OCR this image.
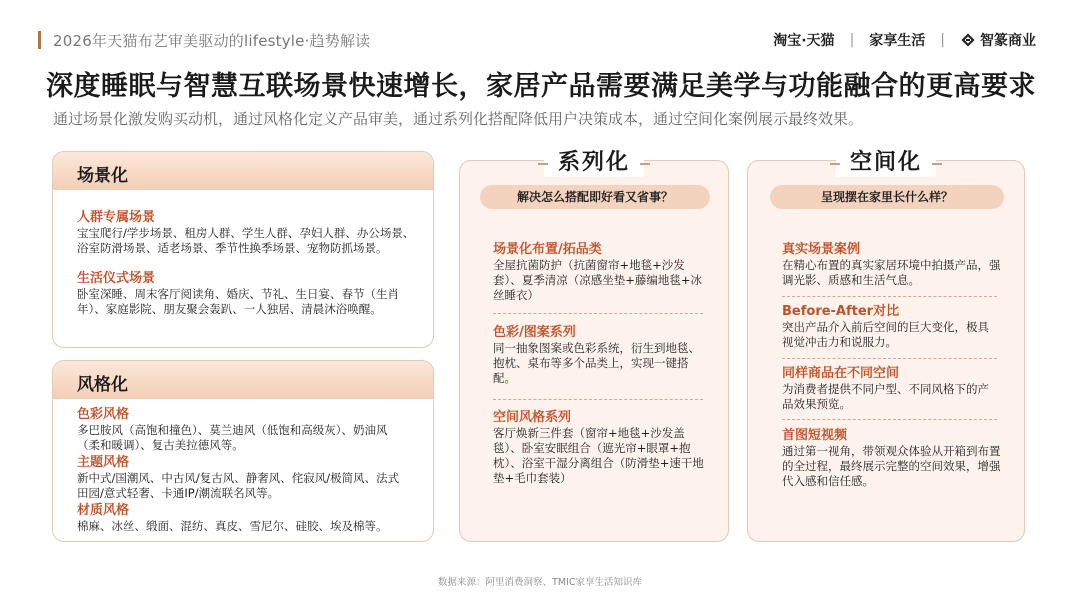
2026年天猫布艺审美驱动的lifestyle·趋势解读	淘宝·天猫 | 家享生活 |	智篆商业
深度睡眠与智慧互联场景快速增长，家居产品需要满足美学与功能融合的更高要求
通过场景化激发购买动机，通过风格化定义产品审美，通过系列化搭配降低用户决策成本，通过空间化案例展示最终效果。
场景化
人群专属场景
宝宝爬行/学步场景、租房人群、学生人群、孕妇人群、办公场景、浴室防滑场景、适老场景、季节性换季场景、宠物防抓场景。
生活仪式场景
卧室深睡、周末客厅阅读角、婚庆、节礼、生日宴、春节（生肖年）、家庭影院、朋友聚会轰趴、一人独居、清晨沐浴唤醒。
风格化
色彩风格
多巴胺风（高饱和撞色）、莫兰迪风（低饱和高级灰）、奶油风（柔和暖调）、复古美拉德风等。
主题风格
新中式/国潮风、中古风/复古风、静奢风、侘寂风/极简风、法式田园/意式轻奢、卡通IP/潮流联名风等。
材质风格
棉麻、冰丝、缎面、混纺、真皮、雪尼尔、硅胶、埃及棉等。
系列化
解决怎么搭配即好看又省事？
场景化布置/拓品类
全屋抗菌防护（抗菌窗帘+地毯+沙发套）、夏季清凉（凉感坐垫+藤编地毯+冰丝睡衣）
色彩/图案系列
同一抽象图案或色彩系统，衍生到地毯、抱枕、桌布等多个品类上，实现一键搭配。
空间风格系列
客厅焕新三件套（窗帘+地毯+沙发盖毯）、卧室安眠组合（遮光帘+眼罩+抱枕）、浴室干湿分离组合（防滑垫+速干地垫+毛巾套装）
空间化
呈现摆在家里长什么样？
真实场景案例
在精心布置的真实家居环境中拍摄产品，强调光影、质感和生活气息。
Before-After对比
突出产品介入前后空间的巨大变化，极具视觉冲击力和说服力。
同样商品在不同空间
为消费者提供不同户型、不同风格下的产品效果预览。
首图短视频
通过第一视角，带领观众体验从开箱到布置的全过程，最终展示完整的空间效果，增强代入感和信任感。
数据来源：阿里消费洞察、TMIC家享生活知识库
